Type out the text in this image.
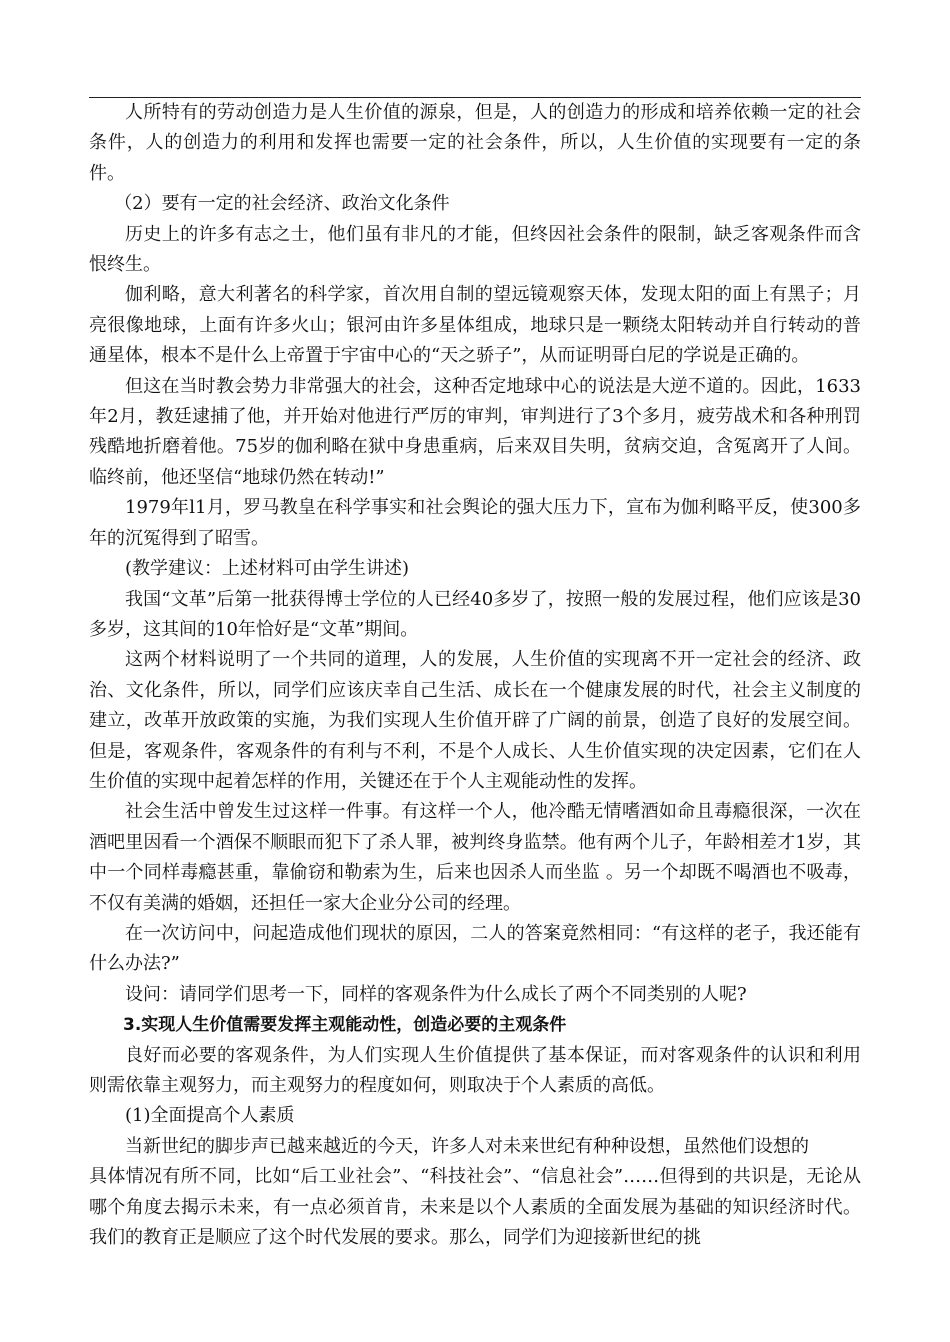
人所特有的劳动创造力是人生价值的源泉，但是，人的创造力的形成和培养依赖一定的社会条件，人的创造力的利用和发挥也需要一定的社会条件，所以，人生价值的实现要有一定的条件。

（2）要有一定的社会经济、政治文化条件

历史上的许多有志之士，他们虽有非凡的才能，但终因社会条件的限制，缺乏客观条件而含恨终生。

伽利略，意大利著名的科学家，首次用自制的望远镜观察天体，发现太阳的面上有黑子；月亮很像地球，上面有许多火山；银河由许多星体组成，地球只是一颗绕太阳转动并自行转动的普通星体，根本不是什么上帝置于宇宙中心的“天之骄子”，从而证明哥白尼的学说是正确的。

但这在当时教会势力非常强大的社会，这种否定地球中心的说法是大逆不道的。因此，1633年2月，教廷逮捕了他，并开始对他进行严厉的审判，审判进行了3个多月，疲劳战术和各种刑罚残酷地折磨着他。75岁的伽利略在狱中身患重病，后来双目失明，贫病交迫，含冤离开了人间。临终前，他还坚信“地球仍然在转动!”

1979年l1月，罗马教皇在科学事实和社会舆论的强大压力下，宣布为伽利略平反，使300多年的沉冤得到了昭雪。

(教学建议：上述材料可由学生讲述)

我国“文革”后第一批获得博士学位的人已经40多岁了，按照一般的发展过程，他们应该是30多岁，这其间的10年恰好是“文革”期间。

这两个材料说明了一个共同的道理，人的发展，人生价值的实现离不开一定社会的经济、政治、文化条件，所以，同学们应该庆幸自己生活、成长在一个健康发展的时代，社会主义制度的建立，改革开放政策的实施，为我们实现人生价值开辟了广阔的前景，创造了良好的发展空间。但是，客观条件，客观条件的有利与不利，不是个人成长、人生价值实现的决定因素，它们在人生价值的实现中起着怎样的作用，关键还在于个人主观能动性的发挥。

社会生活中曾发生过这样一件事。有这样一个人，他冷酷无情嗜酒如命且毒瘾很深，一次在酒吧里因看一个酒保不顺眼而犯下了杀人罪，被判终身监禁。他有两个儿子，年龄相差才1岁，其中一个同样毒瘾甚重，靠偷窃和勒索为生，后来也因杀人而坐监 。另一个却既不喝酒也不吸毒，不仅有美满的婚姻，还担任一家大企业分公司的经理。

在一次访问中，问起造成他们现状的原因，二人的答案竟然相同：“有这样的老子，我还能有什么办法?”

设问：请同学们思考一下，同样的客观条件为什么成长了两个不同类别的人呢?

3.实现人生价值需要发挥主观能动性，创造必要的主观条件

良好而必要的客观条件，为人们实现人生价值提供了基本保证，而对客观条件的认识和利用则需依靠主观努力，而主观努力的程度如何，则取决于个人素质的高低。

(1)全面提高个人素质

当新世纪的脚步声已越来越近的今天，许多人对未来世纪有种种设想，虽然他们设想的

具体情况有所不同，比如“后工业社会”、“科技社会”、“信息社会”……但得到的共识是，无论从哪个角度去揭示未来，有一点必须首肯，未来是以个人素质的全面发展为基础的知识经济时代。我们的教育正是顺应了这个时代发展的要求。那么，同学们为迎接新世纪的挑
